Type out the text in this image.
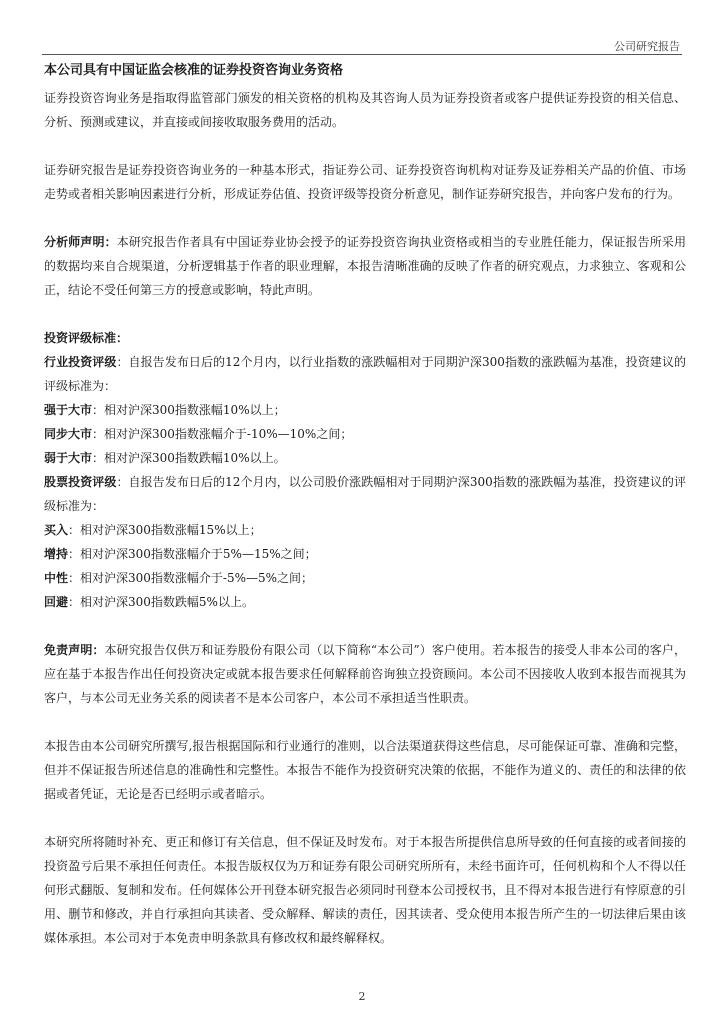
公司研究报告
本公司具有中国证监会核准的证券投资咨询业务资格

证券投资咨询业务是指取得监管部门颁发的相关资格的机构及其咨询人员为证券投资者或客户提供证券投资的相关信息、分析、预测或建议，并直接或间接收取服务费用的活动。

证券研究报告是证券投资咨询业务的一种基本形式，指证券公司、证券投资咨询机构对证券及证券相关产品的价值、市场走势或者相关影响因素进行分析，形成证券估值、投资评级等投资分析意见，制作证券研究报告，并向客户发布的行为。

分析师声明：本研究报告作者具有中国证券业协会授予的证券投资咨询执业资格或相当的专业胜任能力，保证报告所采用的数据均来自合规渠道，分析逻辑基于作者的职业理解，本报告清晰准确的反映了作者的研究观点，力求独立、客观和公正，结论不受任何第三方的授意或影响，特此声明。

投资评级标准：

行业投资评级：自报告发布日后的12个月内，以行业指数的涨跌幅相对于同期沪深300指数的涨跌幅为基准，投资建议的评级标准为：

强于大市：相对沪深300指数涨幅10%以上；

同步大市：相对沪深300指数涨幅介于-10%—10%之间；

弱于大市：相对沪深300指数跌幅10%以上。

股票投资评级：自报告发布日后的12个月内，以公司股价涨跌幅相对于同期沪深300指数的涨跌幅为基准，投资建议的评级标准为：

买入：相对沪深300指数涨幅15%以上；

增持：相对沪深300指数涨幅介于5%—15%之间；

中性：相对沪深300指数涨幅介于-5%—5%之间；

回避：相对沪深300指数跌幅5%以上。

免责声明：本研究报告仅供万和证券股份有限公司（以下简称“本公司”）客户使用。若本报告的接受人非本公司的客户，应在基于本报告作出任何投资决定或就本报告要求任何解释前咨询独立投资顾问。本公司不因接收人收到本报告而视其为客户，与本公司无业务关系的阅读者不是本公司客户，本公司不承担适当性职责。

本报告由本公司研究所撰写,报告根据国际和行业通行的准则，以合法渠道获得这些信息，尽可能保证可靠、准确和完整，但并不保证报告所述信息的准确性和完整性。本报告不能作为投资研究决策的依据，不能作为道义的、责任的和法律的依据或者凭证，无论是否已经明示或者暗示。

本研究所将随时补充、更正和修订有关信息，但不保证及时发布。对于本报告所提供信息所导致的任何直接的或者间接的投资盈亏后果不承担任何责任。本报告版权仅为万和证券有限公司研究所所有，未经书面许可，任何机构和个人不得以任何形式翻版、复制和发布。任何媒体公开刊登本研究报告必须同时刊登本公司授权书，且不得对本报告进行有悖原意的引用、删节和修改，并自行承担向其读者、受众解释、解读的责任，因其读者、受众使用本报告所产生的一切法律后果由该媒体承担。本公司对于本免责申明条款具有修改权和最终解释权。

2
